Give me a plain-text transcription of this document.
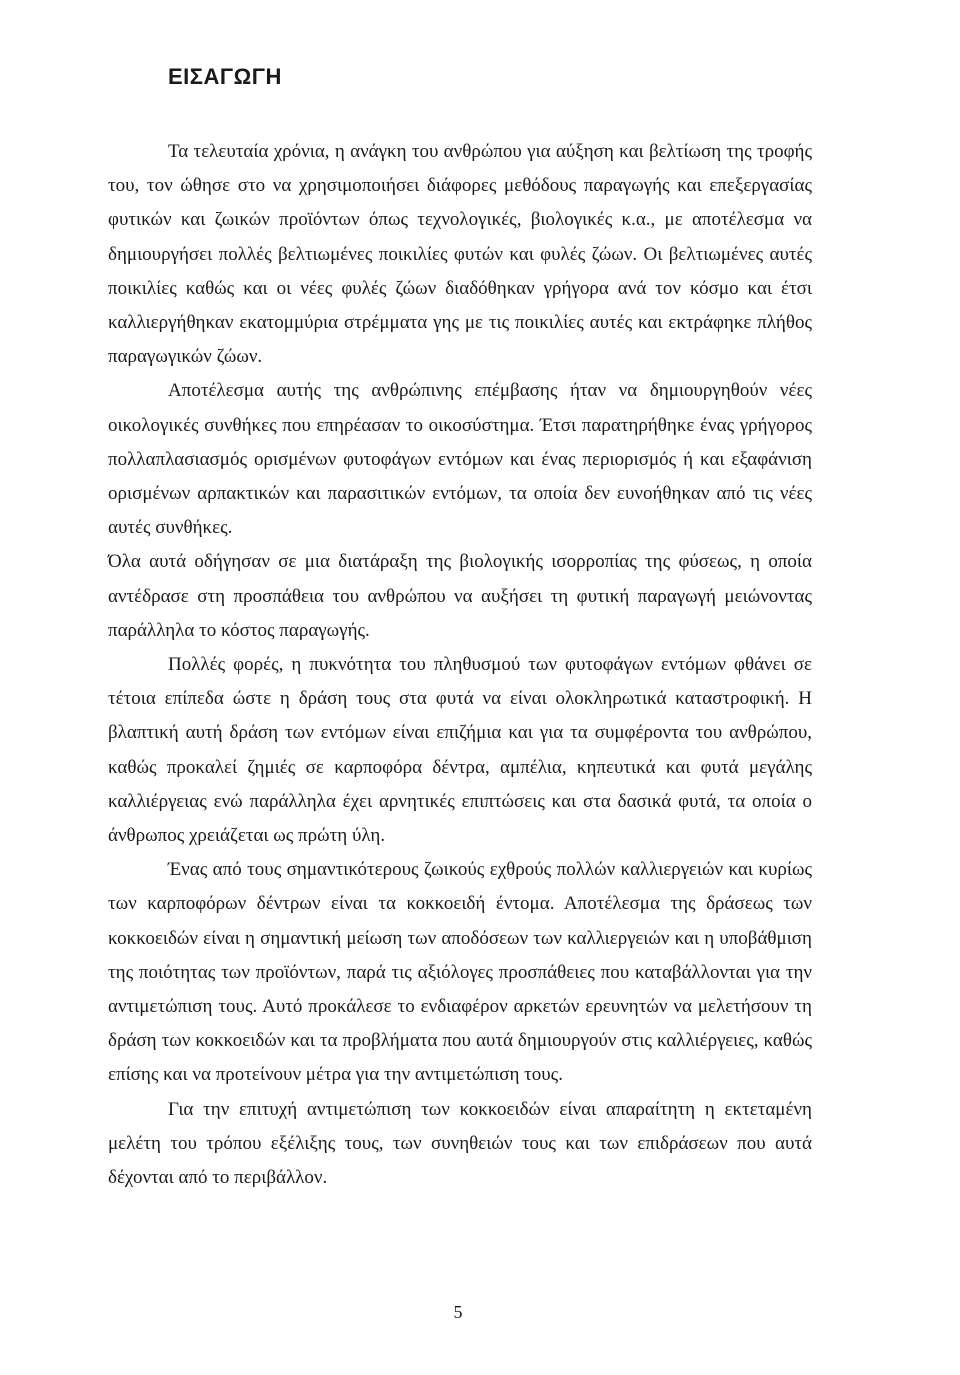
ΕΙΣΑΓΩΓΗ

Τα τελευταία χρόνια, η ανάγκη του ανθρώπου για αύξηση και βελτίωση της τροφής του, τον ώθησε στο να χρησιμοποιήσει διάφορες μεθόδους παραγωγής και επεξεργασίας φυτικών και ζωικών προϊόντων όπως τεχνολογικές, βιολογικές κ.α., με αποτέλεσμα να δημιουργήσει πολλές βελτιωμένες ποικιλίες φυτών και φυλές ζώων. Οι βελτιωμένες αυτές ποικιλίες καθώς και οι νέες φυλές ζώων διαδόθηκαν γρήγορα ανά τον κόσμο και έτσι καλλιεργήθηκαν εκατομμύρια στρέμματα γης με τις ποικιλίες αυτές και εκτράφηκε πλήθος παραγωγικών ζώων.

Αποτέλεσμα αυτής της ανθρώπινης επέμβασης ήταν να δημιουργηθούν νέες οικολογικές συνθήκες που επηρέασαν το οικοσύστημα. Έτσι παρατηρήθηκε ένας γρήγορος πολλαπλασιασμός ορισμένων φυτοφάγων εντόμων και ένας περιορισμός ή και εξαφάνιση ορισμένων αρπακτικών και παρασιτικών εντόμων, τα οποία δεν ευνοήθηκαν από τις νέες αυτές συνθήκες.

Όλα αυτά οδήγησαν σε μια διατάραξη της βιολογικής ισορροπίας της φύσεως, η οποία αντέδρασε στη προσπάθεια του ανθρώπου να αυξήσει τη φυτική παραγωγή μειώνοντας παράλληλα το κόστος παραγωγής.

Πολλές φορές, η πυκνότητα του πληθυσμού των φυτοφάγων εντόμων φθάνει σε τέτοια επίπεδα ώστε η δράση τους στα φυτά να είναι ολοκληρωτικά καταστροφική. Η βλαπτική αυτή δράση των εντόμων είναι επιζήμια και για τα συμφέροντα του ανθρώπου, καθώς προκαλεί ζημιές σε καρποφόρα δέντρα, αμπέλια, κηπευτικά και φυτά μεγάλης καλλιέργειας ενώ παράλληλα έχει αρνητικές επιπτώσεις και στα δασικά φυτά, τα οποία ο άνθρωπος χρειάζεται ως πρώτη ύλη.

Ένας από τους σημαντικότερους ζωικούς εχθρούς πολλών καλλιεργειών και κυρίως των καρποφόρων δέντρων είναι τα κοκκοειδή έντομα. Αποτέλεσμα της δράσεως των κοκκοειδών είναι η σημαντική μείωση των αποδόσεων των καλλιεργειών και η υποβάθμιση της ποιότητας των προϊόντων, παρά τις αξιόλογες προσπάθειες που καταβάλλονται για την αντιμετώπιση τους. Αυτό προκάλεσε το ενδιαφέρον αρκετών ερευνητών να μελετήσουν τη δράση των κοκκοειδών και τα προβλήματα που αυτά δημιουργούν στις καλλιέργειες, καθώς επίσης και να προτείνουν μέτρα για την αντιμετώπιση τους.

Για την επιτυχή αντιμετώπιση των κοκκοειδών είναι απαραίτητη η εκτεταμένη μελέτη του τρόπου εξέλιξης τους, των συνηθειών τους και των επιδράσεων που αυτά δέχονται από το περιβάλλον.

5
